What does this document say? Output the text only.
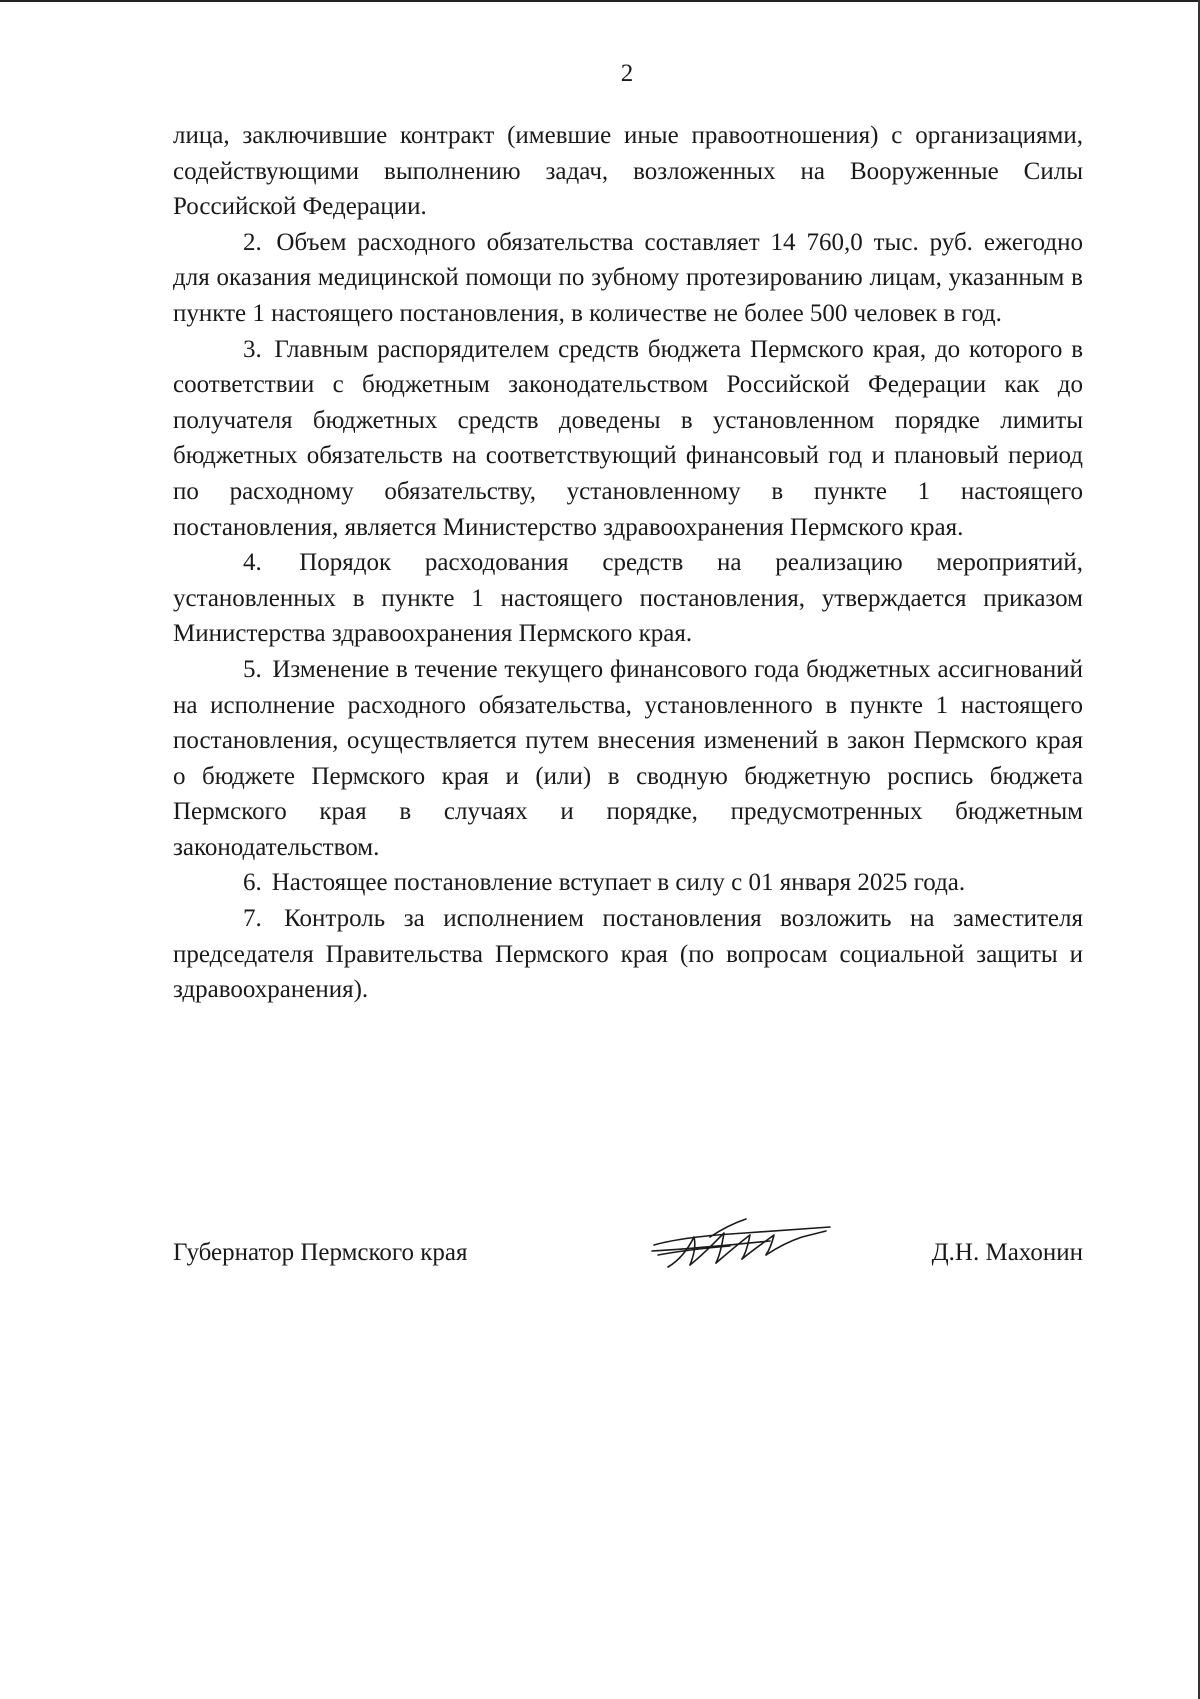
2

лица, заключившие контракт (имевшие иные правоотношения) с организациями, содействующими выполнению задач, возложенных на Вооруженные Силы Российской Федерации.

2. Объем расходного обязательства составляет 14 760,0 тыс. руб. ежегодно для оказания медицинской помощи по зубному протезированию лицам, указанным в пункте 1 настоящего постановления, в количестве не более 500 человек в год.

3. Главным распорядителем средств бюджета Пермского края, до которого в соответствии с бюджетным законодательством Российской Федерации как до получателя бюджетных средств доведены в установленном порядке лимиты бюджетных обязательств на соответствующий финансовый год и плановый период по расходному обязательству, установленному в пункте 1 настоящего постановления, является Министерство здравоохранения Пермского края.

4. Порядок расходования средств на реализацию мероприятий, установленных в пункте 1 настоящего постановления, утверждается приказом Министерства здравоохранения Пермского края.

5. Изменение в течение текущего финансового года бюджетных ассигнований на исполнение расходного обязательства, установленного в пункте 1 настоящего постановления, осуществляется путем внесения изменений в закон Пермского края о бюджете Пермского края и (или) в сводную бюджетную роспись бюджета Пермского края в случаях и порядке, предусмотренных бюджетным законодательством.

6. Настоящее постановление вступает в силу с 01 января 2025 года.

7. Контроль за исполнением постановления возложить на заместителя председателя Правительства Пермского края (по вопросам социальной защиты и здравоохранения).

Губернатор Пермского края	Д.Н. Махонин
